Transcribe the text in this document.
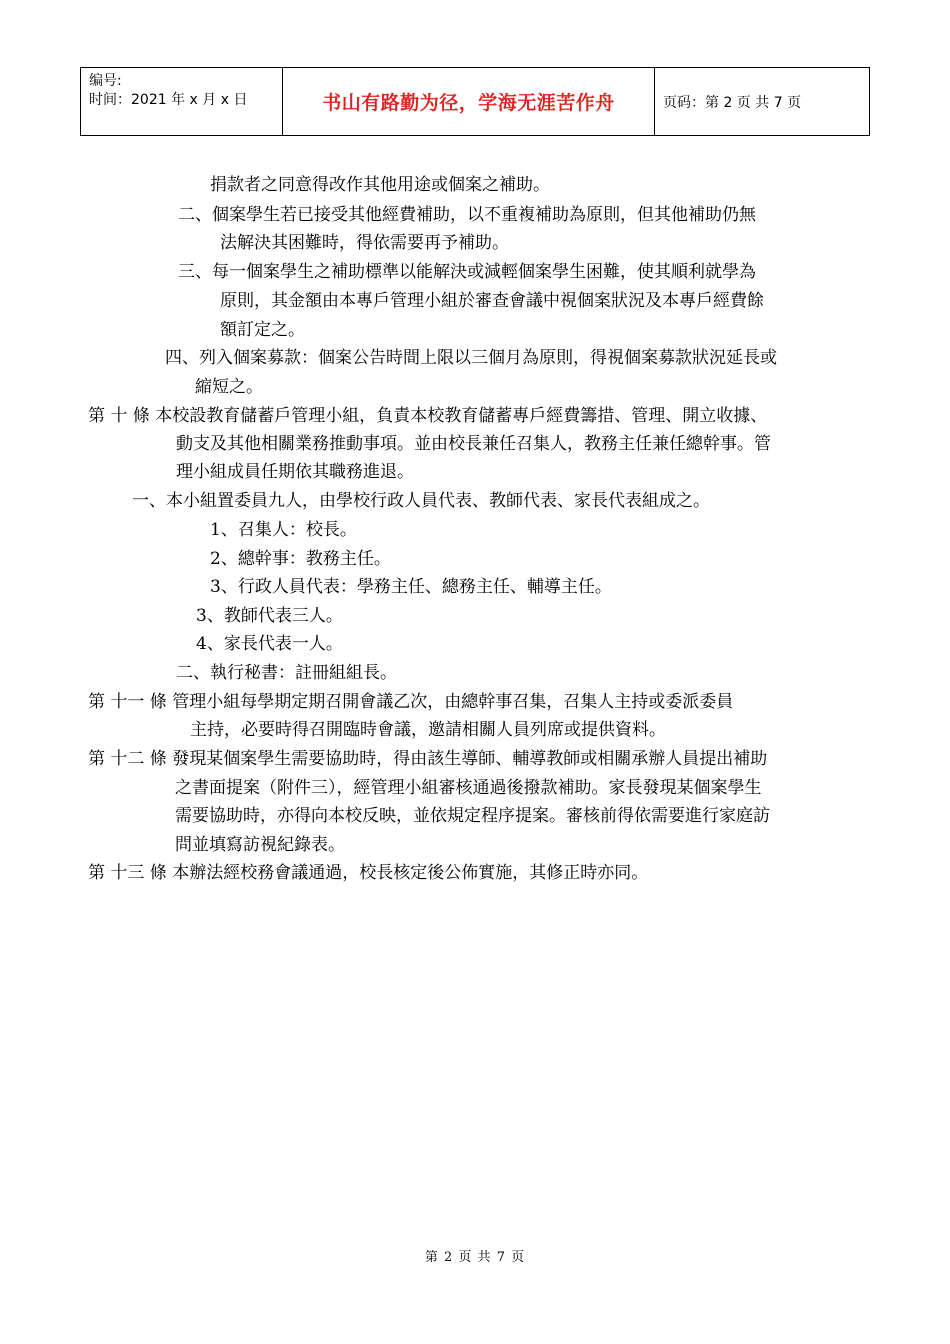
编号:
时间：2021 年 x 月 x 日	书山有路勤为径，学海无涯苦作舟	页码：第 2 页 共 7 页
捐款者之同意得改作其他用途或個案之補助。
二、個案學生若已接受其他經費補助，以不重複補助為原則，但其他補助仍無
法解決其困難時，得依需要再予補助。
三、每一個案學生之補助標準以能解決或減輕個案學生困難，使其順利就學為
原則，其金額由本專戶管理小組於審查會議中視個案狀況及本專戶經費餘
額訂定之。
四、列入個案募款：個案公告時間上限以三個月為原則，得視個案募款狀況延長或
縮短之。
第 十 條 本校設教育儲蓄戶管理小組，負責本校教育儲蓄專戶經費籌措、管理、開立收據、
動支及其他相關業務推動事項。並由校長兼任召集人，教務主任兼任總幹事。管
理小組成員任期依其職務進退。
一、本小組置委員九人，由學校行政人員代表、教師代表、家長代表組成之。
1、召集人：校長。
2、總幹事：教務主任。
3、行政人員代表：學務主任、總務主任、輔導主任。
3、教師代表三人。
4、家長代表一人。
二、執行秘書：註冊組組長。
第 十一 條 管理小組每學期定期召開會議乙次，由總幹事召集，召集人主持或委派委員
主持，必要時得召開臨時會議，邀請相關人員列席或提供資料。
第 十二 條 發現某個案學生需要協助時，得由該生導師、輔導教師或相關承辦人員提出補助
之書面提案（附件三），經管理小組審核通過後撥款補助。家長發現某個案學生
需要協助時，亦得向本校反映，並依規定程序提案。審核前得依需要進行家庭訪
問並填寫訪視紀錄表。
第 十三 條 本辦法經校務會議通過，校長核定後公佈實施，其修正時亦同。
第 2 页 共 7 页
